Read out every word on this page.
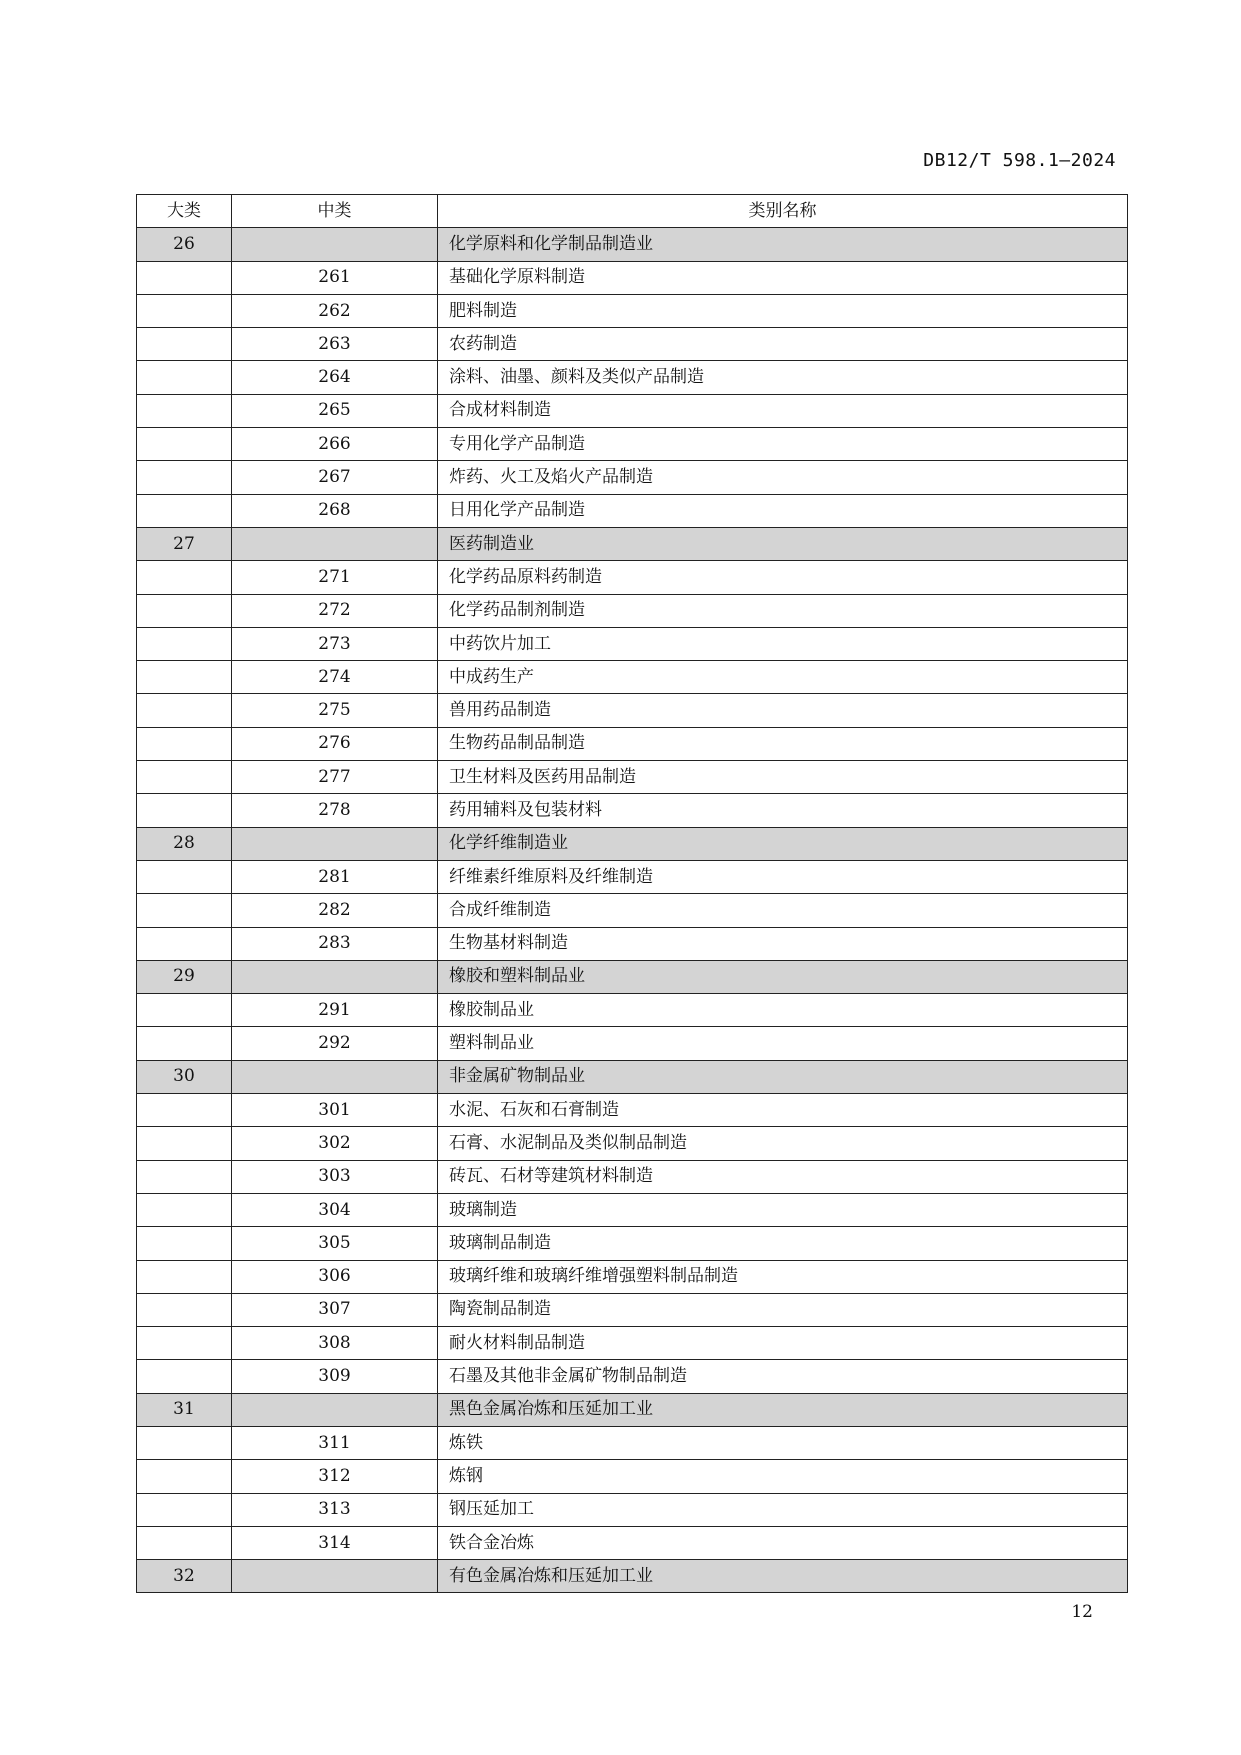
DB12/T 598.1—2024
大类	中类	类别名称
26		化学原料和化学制品制造业
	261	基础化学原料制造
	262	肥料制造
	263	农药制造
	264	涂料、油墨、颜料及类似产品制造
	265	合成材料制造
	266	专用化学产品制造
	267	炸药、火工及焰火产品制造
	268	日用化学产品制造
27		医药制造业
	271	化学药品原料药制造
	272	化学药品制剂制造
	273	中药饮片加工
	274	中成药生产
	275	兽用药品制造
	276	生物药品制品制造
	277	卫生材料及医药用品制造
	278	药用辅料及包装材料
28		化学纤维制造业
	281	纤维素纤维原料及纤维制造
	282	合成纤维制造
	283	生物基材料制造
29		橡胶和塑料制品业
	291	橡胶制品业
	292	塑料制品业
30		非金属矿物制品业
	301	水泥、石灰和石膏制造
	302	石膏、水泥制品及类似制品制造
	303	砖瓦、石材等建筑材料制造
	304	玻璃制造
	305	玻璃制品制造
	306	玻璃纤维和玻璃纤维增强塑料制品制造
	307	陶瓷制品制造
	308	耐火材料制品制造
	309	石墨及其他非金属矿物制品制造
31		黑色金属冶炼和压延加工业
	311	炼铁
	312	炼钢
	313	钢压延加工
	314	铁合金冶炼
32		有色金属冶炼和压延加工业
12
